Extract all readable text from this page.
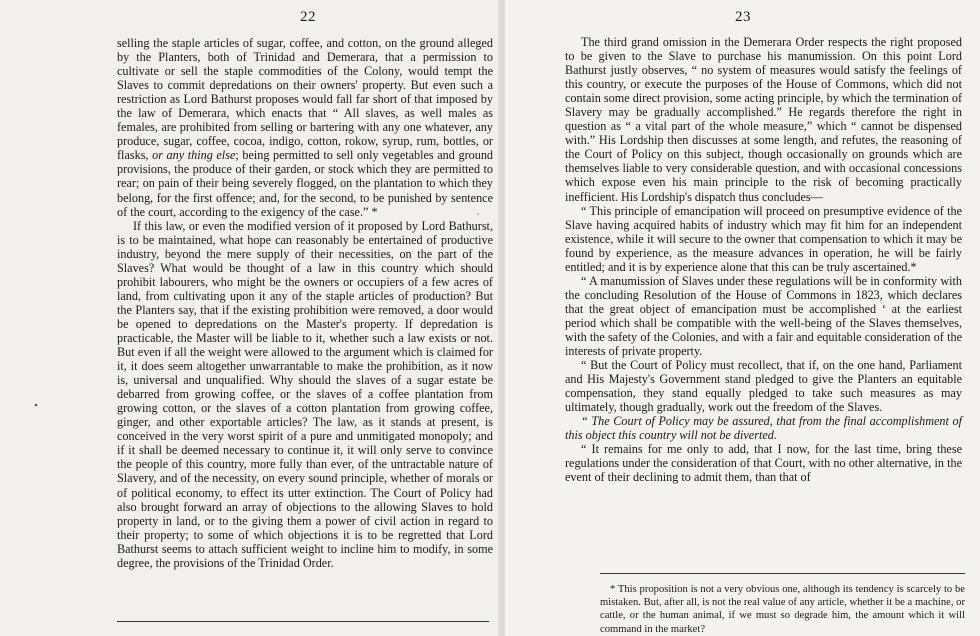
22

selling the staple articles of sugar, coffee, and cotton, on the ground alleged by the Planters, both of Trinidad and Demerara, that a permission to cultivate or sell the staple commodities of the Colony, would tempt the Slaves to commit depredations on their owners' property. But even such a restriction as Lord Bathurst proposes would fall far short of that imposed by the law of Demerara, which enacts that “ All slaves, as well males as females, are prohibited from selling or bartering with any one whatever, any produce, sugar, coffee, cocoa, indigo, cotton, rokow, syrup, rum, bottles, or flasks, or any thing else; being permitted to sell only vegetables and ground provisions, the produce of their garden, or stock which they are permitted to rear; on pain of their being severely flogged, on the plantation to which they belong, for the first offence; and, for the second, to be punished by sentence of the court, according to the exigency of the case.” *

If this law, or even the modified version of it proposed by Lord Bathurst, is to be maintained, what hope can reasonably be entertained of productive industry, beyond the mere supply of their necessities, on the part of the Slaves? What would be thought of a law in this country which should prohibit labourers, who might be the owners or occupiers of a few acres of land, from cultivating upon it any of the staple articles of production? But the Planters say, that if the existing prohibition were removed, a door would be opened to depredations on the Master's property. If depredation is practicable, the Master will be liable to it, whether such a law exists or not. But even if all the weight were allowed to the argument which is claimed for it, it does seem altogether unwarrantable to make the prohibition, as it now is, universal and unqualified. Why should the slaves of a sugar estate be debarred from growing coffee, or the slaves of a coffee plantation from growing cotton, or the slaves of a cotton plantation from growing coffee, ginger, and other exportable articles? The law, as it stands at present, is conceived in the very worst spirit of a pure and unmitigated monopoly; and if it shall be deemed necessary to continue it, it will only serve to convince the people of this country, more fully than ever, of the untractable nature of Slavery, and of the necessity, on every sound principle, whether of morals or of political economy, to effect its utter extinction. The Court of Policy had also brought forward an array of objections to the allowing Slaves to hold property in land, or to the giving them a power of civil action in regard to their property; to some of which objections it is to be regretted that Lord Bathurst seems to attach sufficient weight to incline him to modify, in some degree, the provisions of the Trinidad Order.

23

The third grand omission in the Demerara Order respects the right proposed to be given to the Slave to purchase his manumission. On this point Lord Bathurst justly observes, “ no system of measures would satisfy the feelings of this country, or execute the purposes of the House of Commons, which did not contain some direct provision, some acting principle, by which the termination of Slavery may be gradually accomplished.” He regards therefore the right in question as “ a vital part of the whole measure,” which “ cannot be dispensed with.” His Lordship then discusses at some length, and refutes, the reasoning of the Court of Policy on this subject, though occasionally on grounds which are themselves liable to very considerable question, and with occasional concessions which expose even his main principle to the risk of becoming practically inefficient. His Lordship's dispatch thus concludes—

“ This principle of emancipation will proceed on presumptive evidence of the Slave having acquired habits of industry which may fit him for an independent existence, while it will secure to the owner that compensation to which it may be found by experience, as the measure advances in operation, he will be fairly entitled; and it is by experience alone that this can be truly ascertained.*

“ A manumission of Slaves under these regulations will be in conformity with the concluding Resolution of the House of Commons in 1823, which declares that the great object of emancipation must be accomplished ‘ at the earliest period which shall be compatible with the well-being of the Slaves themselves, with the safety of the Colonies, and with a fair and equitable consideration of the interests of private property.

“ But the Court of Policy must recollect, that if, on the one hand, Parliament and His Majesty's Government stand pledged to give the Planters an equitable compensation, they stand equally pledged to take such measures as may ultimately, though gradually, work out the freedom of the Slaves.

“ The Court of Policy may be assured, that from the final accomplishment of this object this country will not be diverted.

“ It remains for me only to add, that I now, for the last time, bring these regulations under the consideration of that Court, with no other alternative, in the event of their declining to admit them, than that of

* This proposition is not a very obvious one, although its tendency is scarcely to be mistaken. But, after all, is not the real value of any article, whether it be a machine, or cattle, or the human animal, if we must so degrade him, the amount which it will command in the market?
